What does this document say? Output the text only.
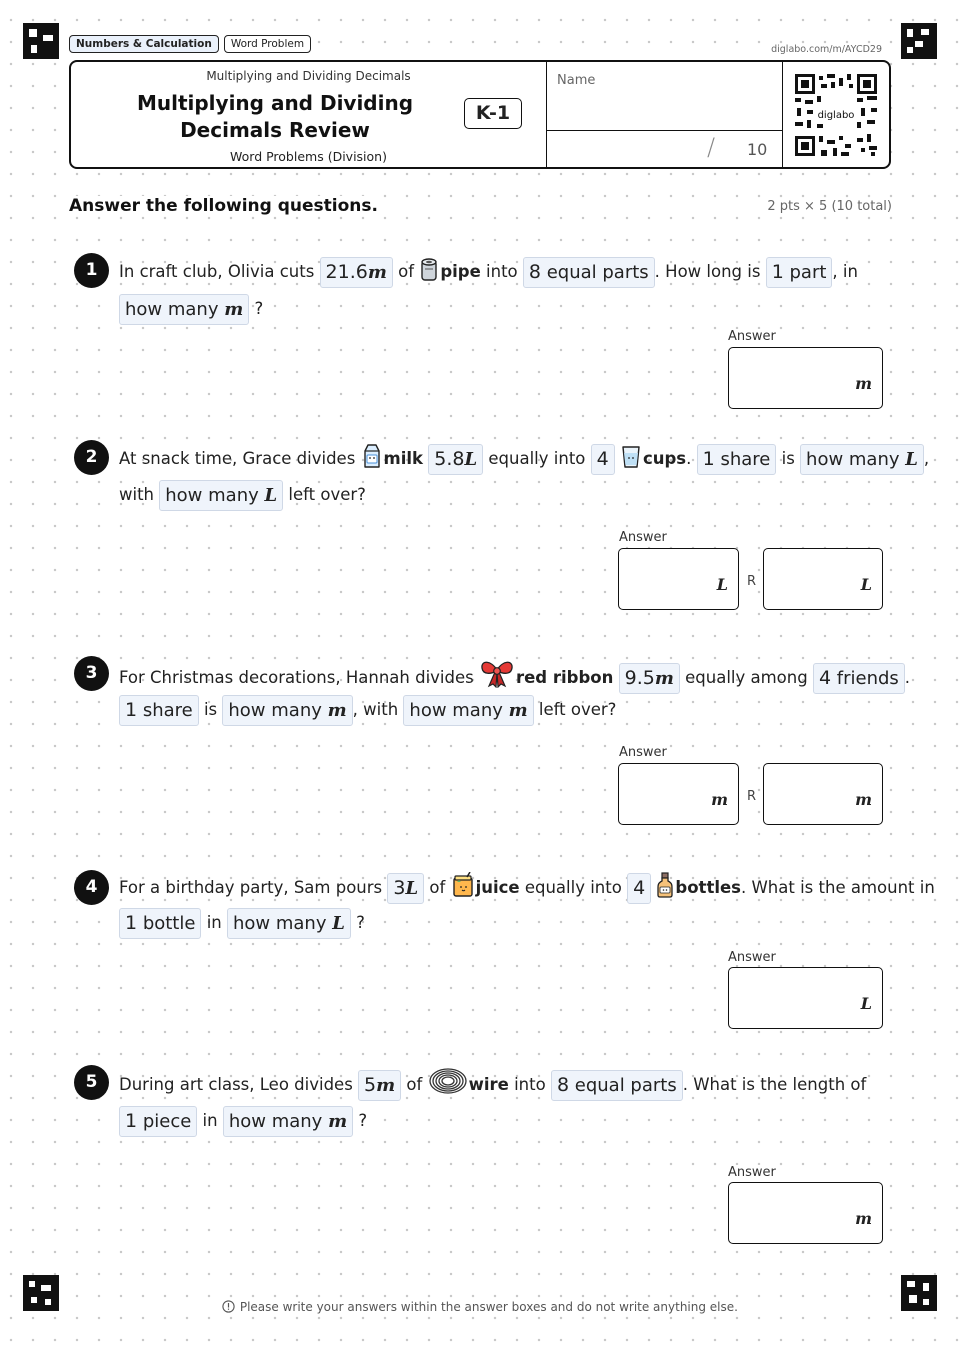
Numbers & Calculation	Word Problem	diglabo.com/m/AYCD29
Multiplying and Dividing Decimals
Multiplying and Dividing Decimals Review
Word Problems (Division)
K-1
Name
/ 10
diglabo
Answer the following questions.	2 pts × 5 (10 total)
1	In craft club, Olivia cuts 21.6m of pipe into 8 equal parts . How long is 1 part , in
how many m ?
Answer
m
2	At snack time, Grace divides milk 5.8L equally into 4 cups. 1 share is how many L ,
with how many L left over?
Answer
L R	L
3	For Christmas decorations, Hannah divides red ribbon 9.5m equally among 4 friends .
1 share is how many m , with how many m left over?
Answer
m R	m
4	For a birthday party, Sam pours 3L of juice equally into 4 bottles. What is the amount in
1 bottle in how many L ?
Answer
L
5	During art class, Leo divides 5m of wire into 8 equal parts . What is the length of
1 piece in how many m ?
Answer
m
Please write your answers within the answer boxes and do not write anything else.
